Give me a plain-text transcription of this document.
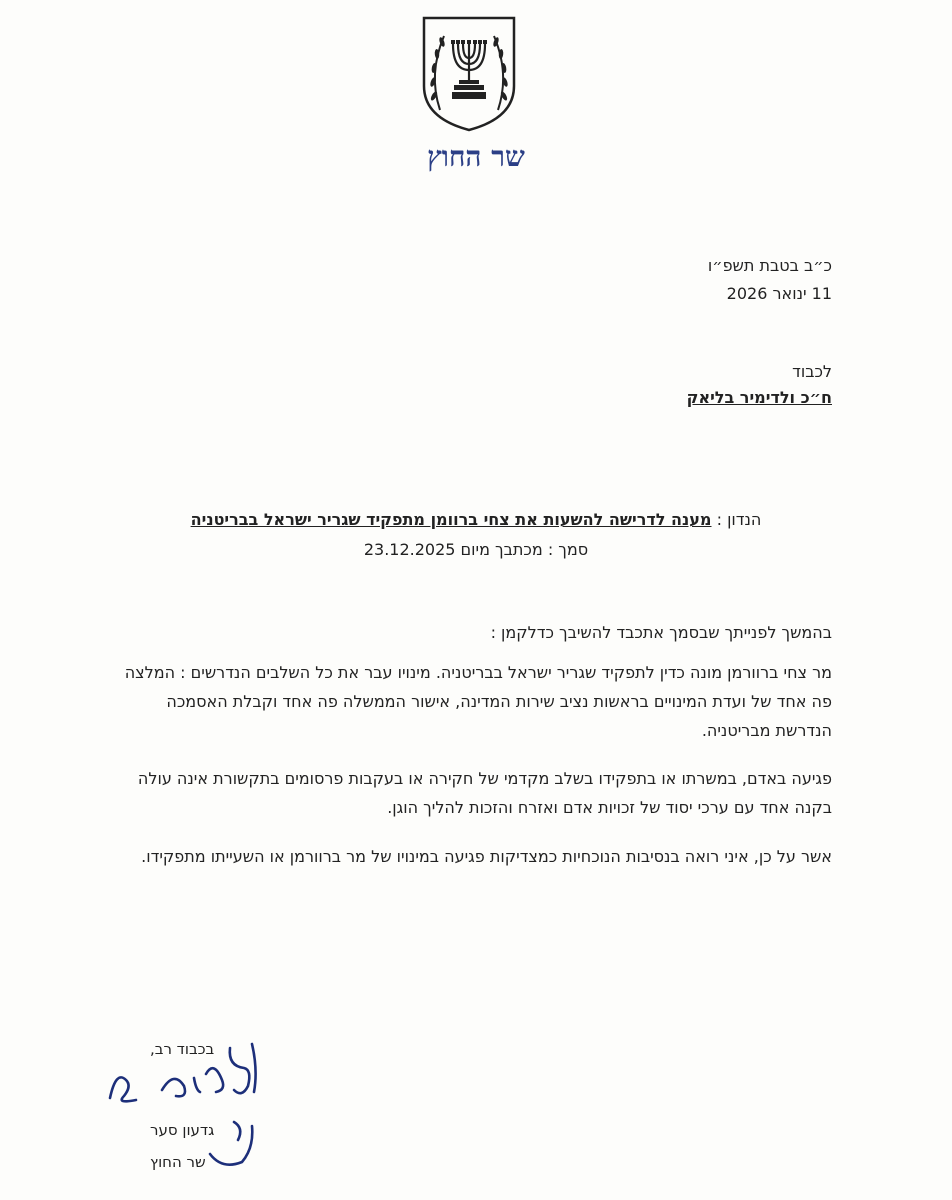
שר החוץ
כ״ב בטבת תשפ״ו
11 ינואר 2026
לכבוד
ח״כ ולדימיר בליאק
הנדון : מענה לדרישה להשעות את צחי ברוומן מתפקיד שגריר ישראל בבריטניה
סמך : מכתבך מיום 23.12.2025
בהמשך לפנייתך שבסמך אתכבד להשיבך כדלקמן :
מר צחי ברוורמן מונה כדין לתפקיד שגריר ישראל בבריטניה. מינויו עבר את כל השלבים הנדרשים : המלצה פה אחד של ועדת המינויים בראשות נציב שירות המדינה, אישור הממשלה פה אחד וקבלת האסמכה הנדרשת מבריטניה.
פגיעה באדם, במשרתו או בתפקידו בשלב מקדמי של חקירה או בעקבות פרסומים בתקשורת אינה עולה בקנה אחד עם ערכי יסוד של זכויות אדם ואזרח והזכות להליך הוגן.
אשר על כן, איני רואה בנסיבות הנוכחיות כמצדיקות פגיעה במינויו של מר ברוורמן או השעייתו מתפקידו.
בכבוד רב,
גדעון סער
שר החוץ
